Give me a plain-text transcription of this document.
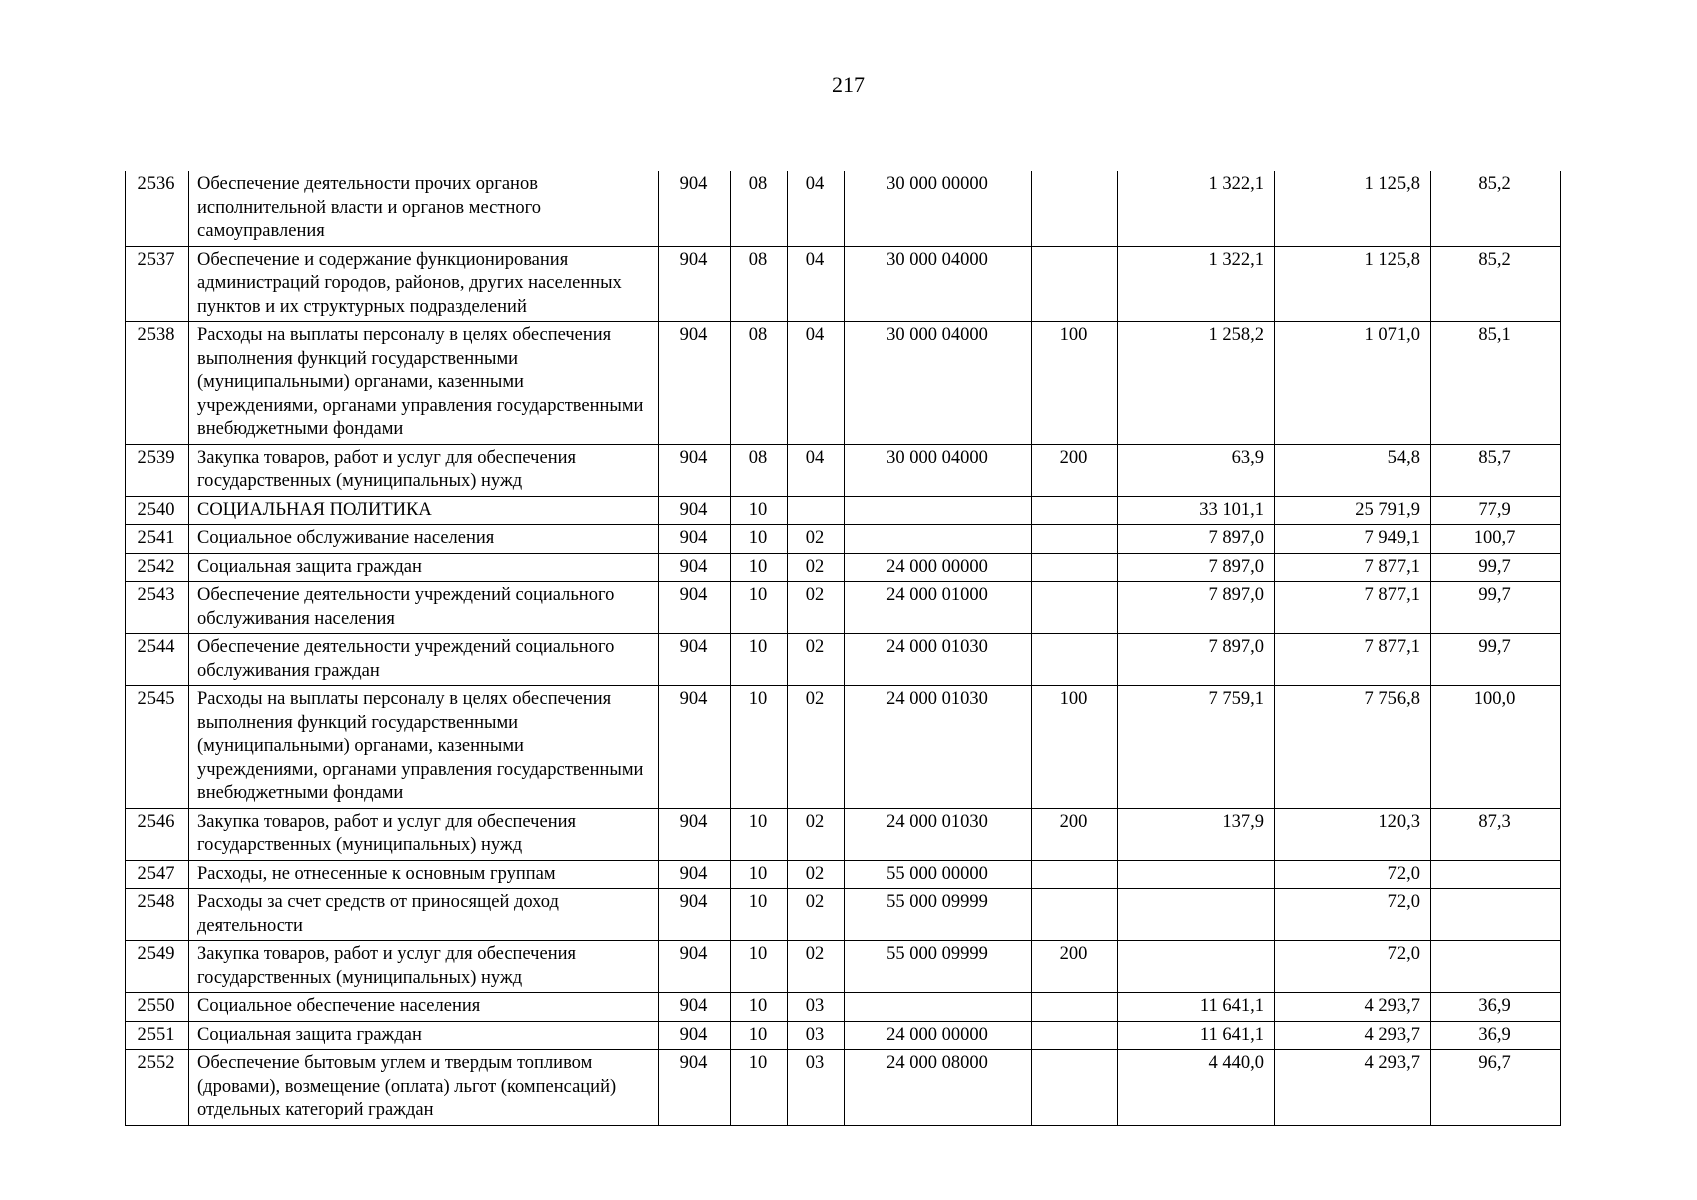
217
2536	Обеспечение деятельности прочих органов исполнительной власти и органов местного самоуправления	904	08	04	30 000 00000		1 322,1	1 125,8	85,2
2537	Обеспечение и содержание функционирования администраций городов, районов, других населенных пунктов и их структурных подразделений	904	08	04	30 000 04000		1 322,1	1 125,8	85,2
2538	Расходы на выплаты персоналу в целях обеспечения выполнения функций государственными (муниципальными) органами, казенными учреждениями, органами управления государственными внебюджетными фондами	904	08	04	30 000 04000	100	1 258,2	1 071,0	85,1
2539	Закупка товаров, работ и услуг для обеспечения государственных (муниципальных) нужд	904	08	04	30 000 04000	200	63,9	54,8	85,7
2540	СОЦИАЛЬНАЯ ПОЛИТИКА	904	10				33 101,1	25 791,9	77,9
2541	Социальное обслуживание населения	904	10	02			7 897,0	7 949,1	100,7
2542	Социальная защита граждан	904	10	02	24 000 00000		7 897,0	7 877,1	99,7
2543	Обеспечение деятельности учреждений социального обслуживания населения	904	10	02	24 000 01000		7 897,0	7 877,1	99,7
2544	Обеспечение деятельности учреждений социального обслуживания граждан	904	10	02	24 000 01030		7 897,0	7 877,1	99,7
2545	Расходы на выплаты персоналу в целях обеспечения выполнения функций государственными (муниципальными) органами, казенными учреждениями, органами управления государственными внебюджетными фондами	904	10	02	24 000 01030	100	7 759,1	7 756,8	100,0
2546	Закупка товаров, работ и услуг для обеспечения государственных (муниципальных) нужд	904	10	02	24 000 01030	200	137,9	120,3	87,3
2547	Расходы, не отнесенные к основным группам	904	10	02	55 000 00000			72,0	
2548	Расходы за счет средств от приносящей доход деятельности	904	10	02	55 000 09999			72,0	
2549	Закупка товаров, работ и услуг для обеспечения государственных (муниципальных) нужд	904	10	02	55 000 09999	200		72,0	
2550	Социальное обеспечение населения	904	10	03			11 641,1	4 293,7	36,9
2551	Социальная защита граждан	904	10	03	24 000 00000		11 641,1	4 293,7	36,9
2552	Обеспечение бытовым углем и твердым топливом (дровами), возмещение (оплата) льгот (компенсаций) отдельных категорий граждан	904	10	03	24 000 08000		4 440,0	4 293,7	96,7
